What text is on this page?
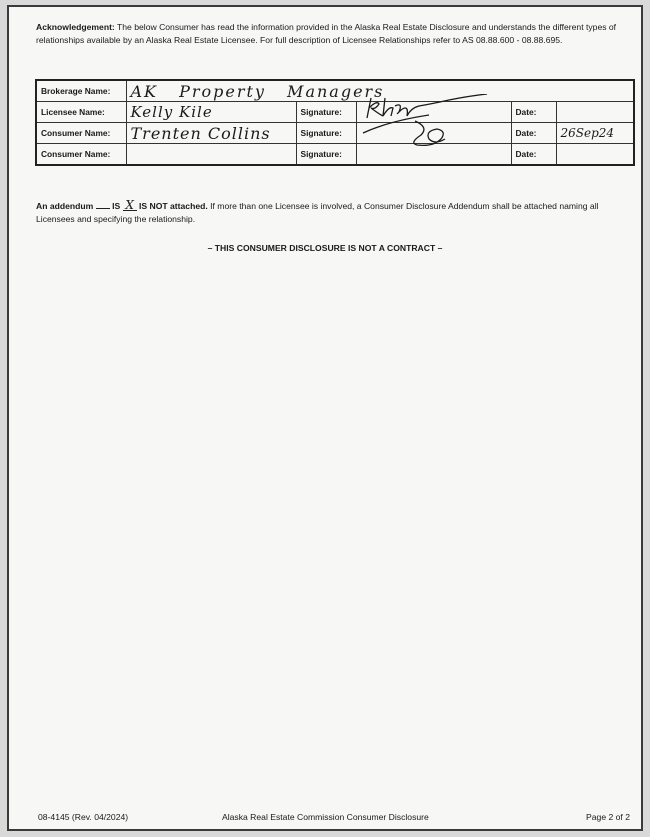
Acknowledgement: The below Consumer has read the information provided in the Alaska Real Estate Disclosure and understands the different types of relationships available by an Alaska Real Estate Licensee. For full description of Licensee Relationships refer to AS 08.88.600 - 08.88.695.
Brokerage Name:	AK Property Managers				
Licensee Name:	Kelly Kile	Signature:		Date:	
Consumer Name:	Trenten Collins	Signature:		Date:	26Sep24
Consumer Name:		Signature:		Date:	
An addendum IS X IS NOT attached. If more than one Licensee is involved, a Consumer Disclosure Addendum shall be attached naming all Licensees and specifying the relationship.
– THIS CONSUMER DISCLOSURE IS NOT A CONTRACT –
08-4145 (Rev. 04/2024)	Alaska Real Estate Commission Consumer Disclosure	Page 2 of 2
